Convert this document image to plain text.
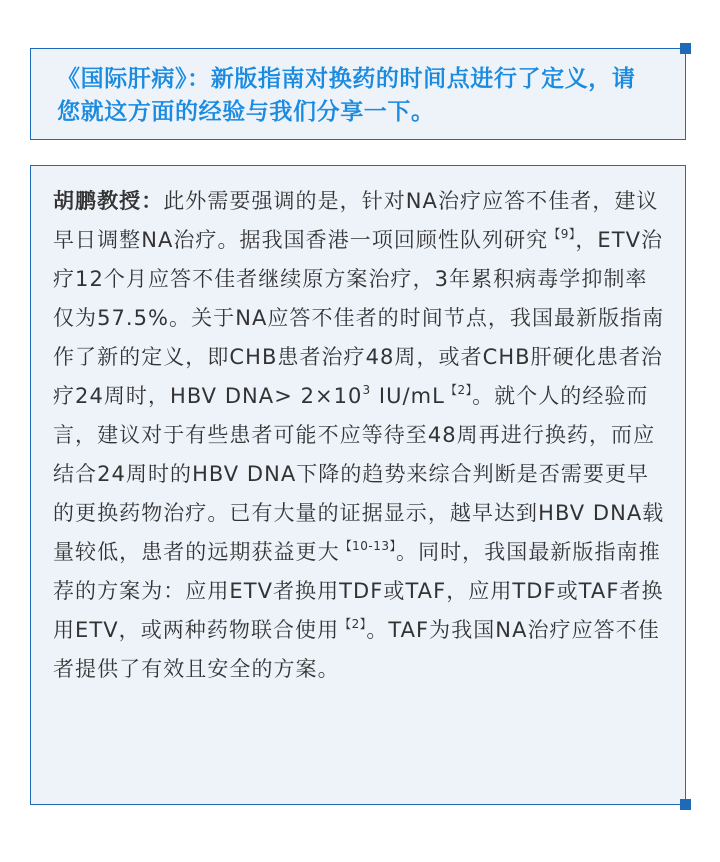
《国际肝病》：新版指南对换药的时间点进行了定义，请您就这方面的经验与我们分享一下。

胡鹏教授：此外需要强调的是，针对NA治疗应答不佳者，建议早日调整NA治疗。据我国香港一项回顾性队列研究$^{【9】}$，ETV治疗12个月应答不佳者继续原方案治疗，3年累积病毒学抑制率仅为57.5%。关于NA应答不佳者的时间节点，我国最新版指南作了新的定义，即CHB患者治疗48周，或者CHB肝硬化患者治疗24周时，HBV $DNA> 2\times 10^3$ IU/mL$^{【2】}$。就个人的经验而言，建议对于有些患者可能不应等待至48周再进行换药，而应结合24周时的HBV DNA下降的趋势来综合判断是否需要更早的更换药物治疗。已有大量的证据显示，越早达到HBV DNA载量较低，患者的远期获益更大$^{【10-13】}$。同时，我国最新版指南推荐的方案为：应用ETV者换用TDF或TAF，应用TDF或TAF者换用ETV，或两种药物联合使用$^{【2】}$。TAF为我国NA治疗应答不佳者提供了有效且安全的方案。
